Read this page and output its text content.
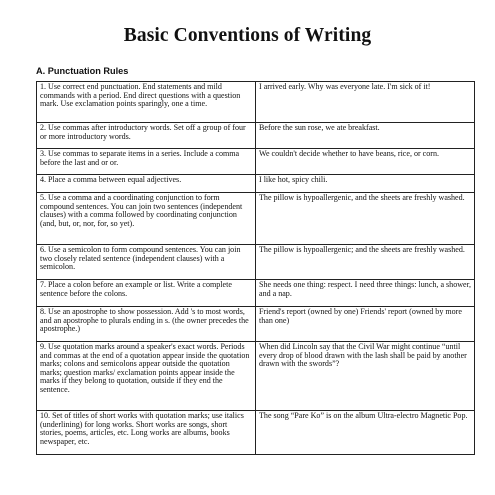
Basic Conventions of Writing
A. Punctuation Rules
1. Use correct end punctuation. End statements and mild commands with a period. End direct questions with a question mark. Use exclamation points sparingly, one a time.	I arrived early. Why was everyone late. I'm sick of it!
2. Use commas after introductory words. Set off a group of four or more introductory words.	Before the sun rose, we ate breakfast.
3. Use commas to separate items in a series. Include a comma before the last and or or.	We couldn't decide whether to have beans, rice, or corn.
4. Place a comma between equal adjectives.	I like hot, spicy chili.
5. Use a comma and a coordinating conjunction to form compound sentences. You can join two sentences (independent clauses) with a comma followed by coordinating conjunction (and, but, or, nor, for, so yet).	The pillow is hypoallergenic, and the sheets are freshly washed.
6. Use a semicolon to form compound sentences. You can join two closely related sentence (independent clauses) with a semicolon.	The pillow is hypoallergenic; and the sheets are freshly washed.
7. Place a colon before an example or list. Write a complete sentence before the colons.	She needs one thing: respect. I need three things: lunch, a shower, and a nap.
8. Use an apostrophe to show possession. Add 's to most words, and an apostrophe to plurals ending in s. (the owner precedes the apostrophe.)	Friend's report (owned by one) Friends' report (owned by more than one)
9. Use quotation marks around a speaker's exact words. Periods and commas at the end of a quotation appear inside the quotation marks; colons and semicolons appear outside the quotation marks; question marks/ exclamation points appear inside the marks if they belong to quotation, outside if they end the sentence.	When did Lincoln say that the Civil War might continue “until every drop of blood drawn with the lash shall be paid by another drawn with the swords”?
10. Set of titles of short works with quotation marks; use italics (underlining) for long works. Short works are songs, short stories, poems, articles, etc. Long works are albums, books newspaper, etc.	The song “Pare Ko” is on the album Ultra-electro Magnetic Pop.
